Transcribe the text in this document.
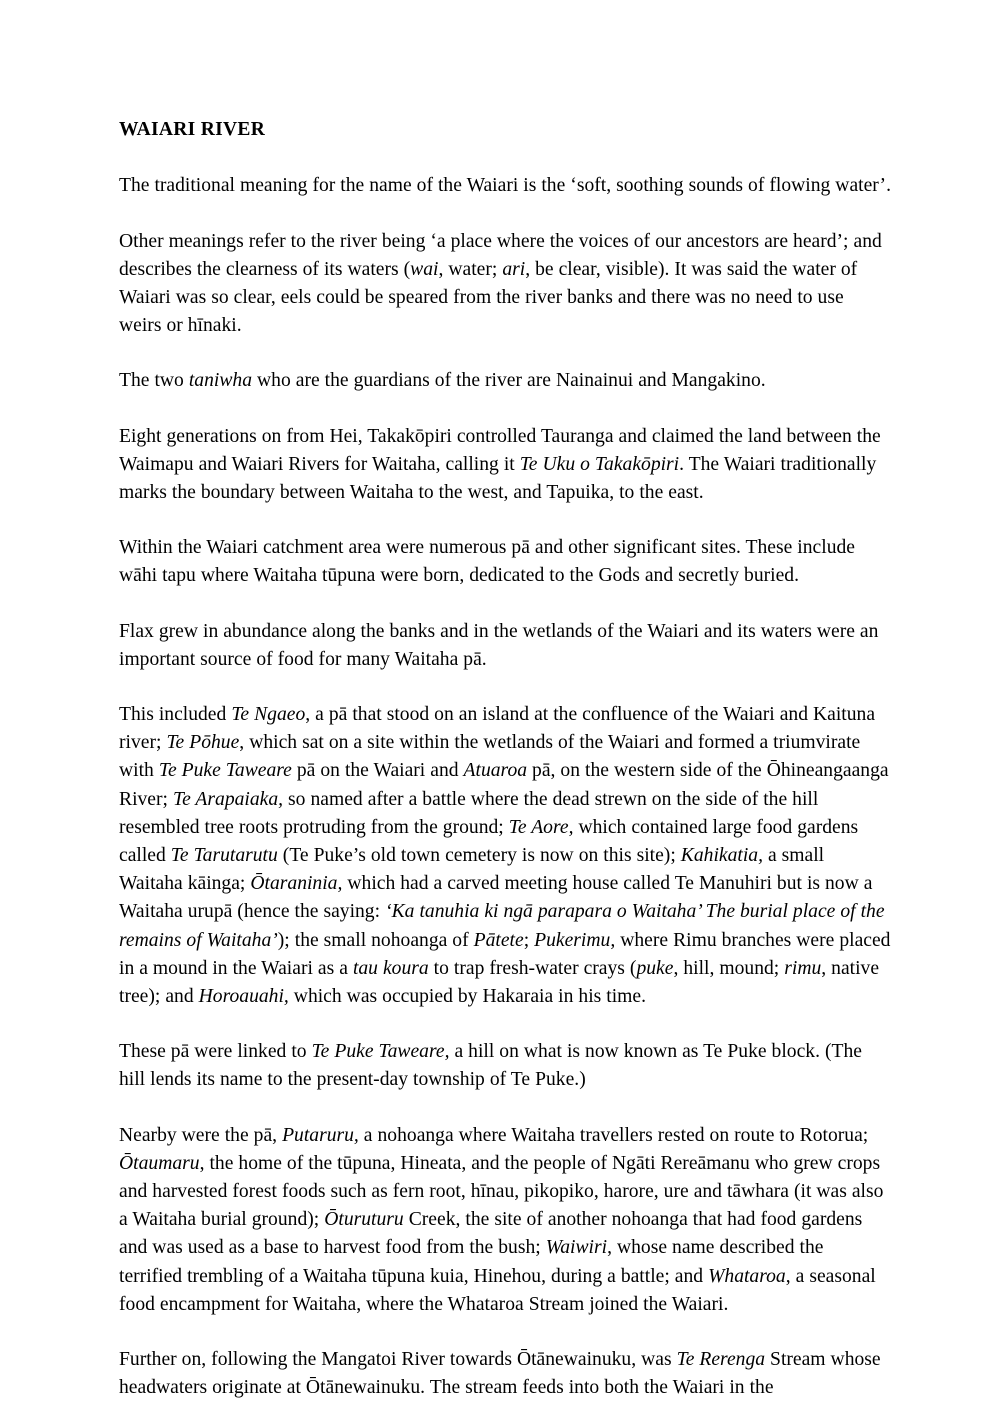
WAIARI RIVER

The traditional meaning for the name of the Waiari is the ‘soft, soothing sounds of flowing water’.

Other meanings refer to the river being ‘a place where the voices of our ancestors are heard’; and describes the clearness of its waters (wai, water; ari, be clear, visible). It was said the water of Waiari was so clear, eels could be speared from the river banks and there was no need to use weirs or hīnaki.

The two taniwha who are the guardians of the river are Nainainui and Mangakino.

Eight generations on from Hei, Takakōpiri controlled Tauranga and claimed the land between the Waimapu and Waiari Rivers for Waitaha, calling it Te Uku o Takakōpiri. The Waiari traditionally marks the boundary between Waitaha to the west, and Tapuika, to the east.

Within the Waiari catchment area were numerous pā and other significant sites. These include wāhi tapu where Waitaha tūpuna were born, dedicated to the Gods and secretly buried.

Flax grew in abundance along the banks and in the wetlands of the Waiari and its waters were an important source of food for many Waitaha pā.

This included Te Ngaeo, a pā that stood on an island at the confluence of the Waiari and Kaituna river; Te Pōhue, which sat on a site within the wetlands of the Waiari and formed a triumvirate with Te Puke Taweare pā on the Waiari and Atuaroa pā, on the western side of the Ōhineangaanga River; Te Arapaiaka, so named after a battle where the dead strewn on the side of the hill resembled tree roots protruding from the ground; Te Aore, which contained large food gardens called Te Tarutarutu (Te Puke’s old town cemetery is now on this site); Kahikatia, a small Waitaha kāinga; Ōtaraninia, which had a carved meeting house called Te Manuhiri but is now a Waitaha urupā (hence the saying: ‘Ka tanuhia ki ngā parapara o Waitaha’ The burial place of the remains of Waitaha’); the small nohoanga of Pātete; Pukerimu, where Rimu branches were placed in a mound in the Waiari as a tau koura to trap fresh-water crays (puke, hill, mound; rimu, native tree); and Horoauahi, which was occupied by Hakaraia in his time.

These pā were linked to Te Puke Taweare, a hill on what is now known as Te Puke block. (The hill lends its name to the present-day township of Te Puke.)

Nearby were the pā, Putaruru, a nohoanga where Waitaha travellers rested on route to Rotorua; Ōtaumaru, the home of the tūpuna, Hineata, and the people of Ngāti Rereāmanu who grew crops and harvested forest foods such as fern root, hīnau, pikopiko, harore, ure and tāwhara (it was also a Waitaha burial ground); Ōturuturu Creek, the site of another nohoanga that had food gardens and was used as a base to harvest food from the bush; Waiwiri, whose name described the terrified trembling of a Waitaha tūpuna kuia, Hinehou, during a battle; and Whataroa, a seasonal food encampment for Waitaha, where the Whataroa Stream joined the Waiari.

Further on, following the Mangatoi River towards Ōtānewainuku, was Te Rerenga Stream whose headwaters originate at Ōtānewainuku. The stream feeds into both the Waiari in the
